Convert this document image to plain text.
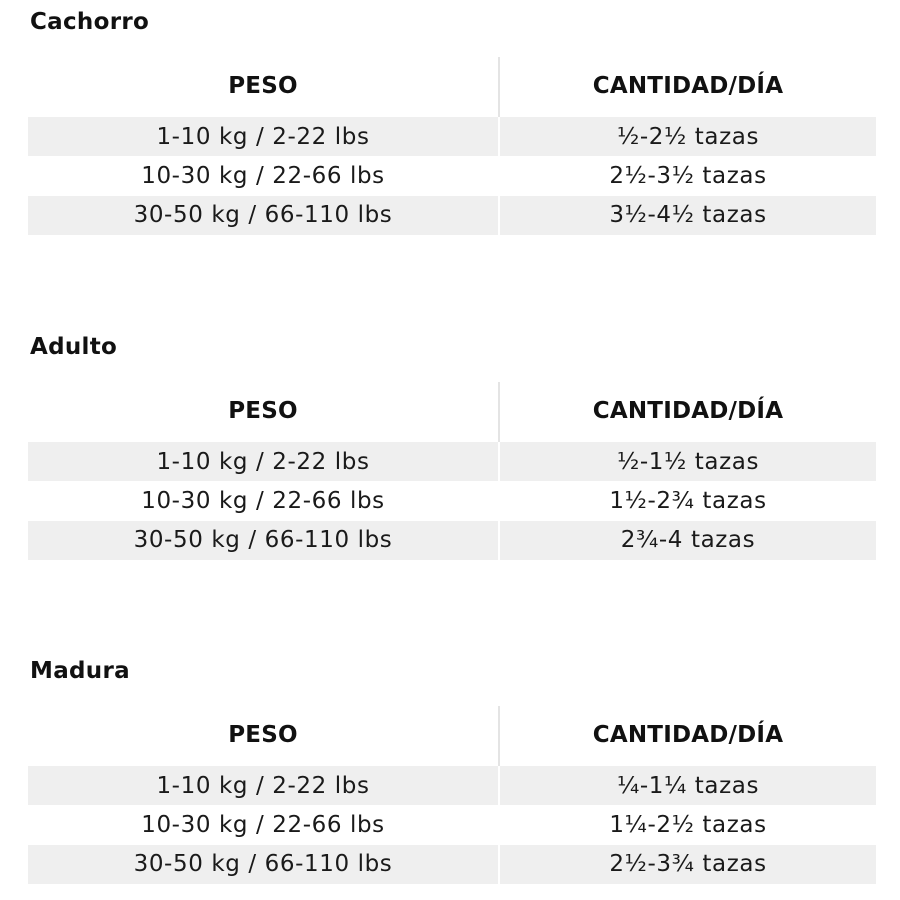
Cachorro
PESO	CANTIDAD/DÍA
1-10 kg / 2-22 lbs	½-2½ tazas
10-30 kg / 22-66 lbs	2½-3½ tazas
30-50 kg / 66-110 lbs	3½-4½ tazas
Adulto
PESO	CANTIDAD/DÍA
1-10 kg / 2-22 lbs	½-1½ tazas
10-30 kg / 22-66 lbs	1½-2¾ tazas
30-50 kg / 66-110 lbs	2¾-4 tazas
Madura
PESO	CANTIDAD/DÍA
1-10 kg / 2-22 lbs	¼-1¼ tazas
10-30 kg / 22-66 lbs	1¼-2½ tazas
30-50 kg / 66-110 lbs	2½-3¾ tazas
